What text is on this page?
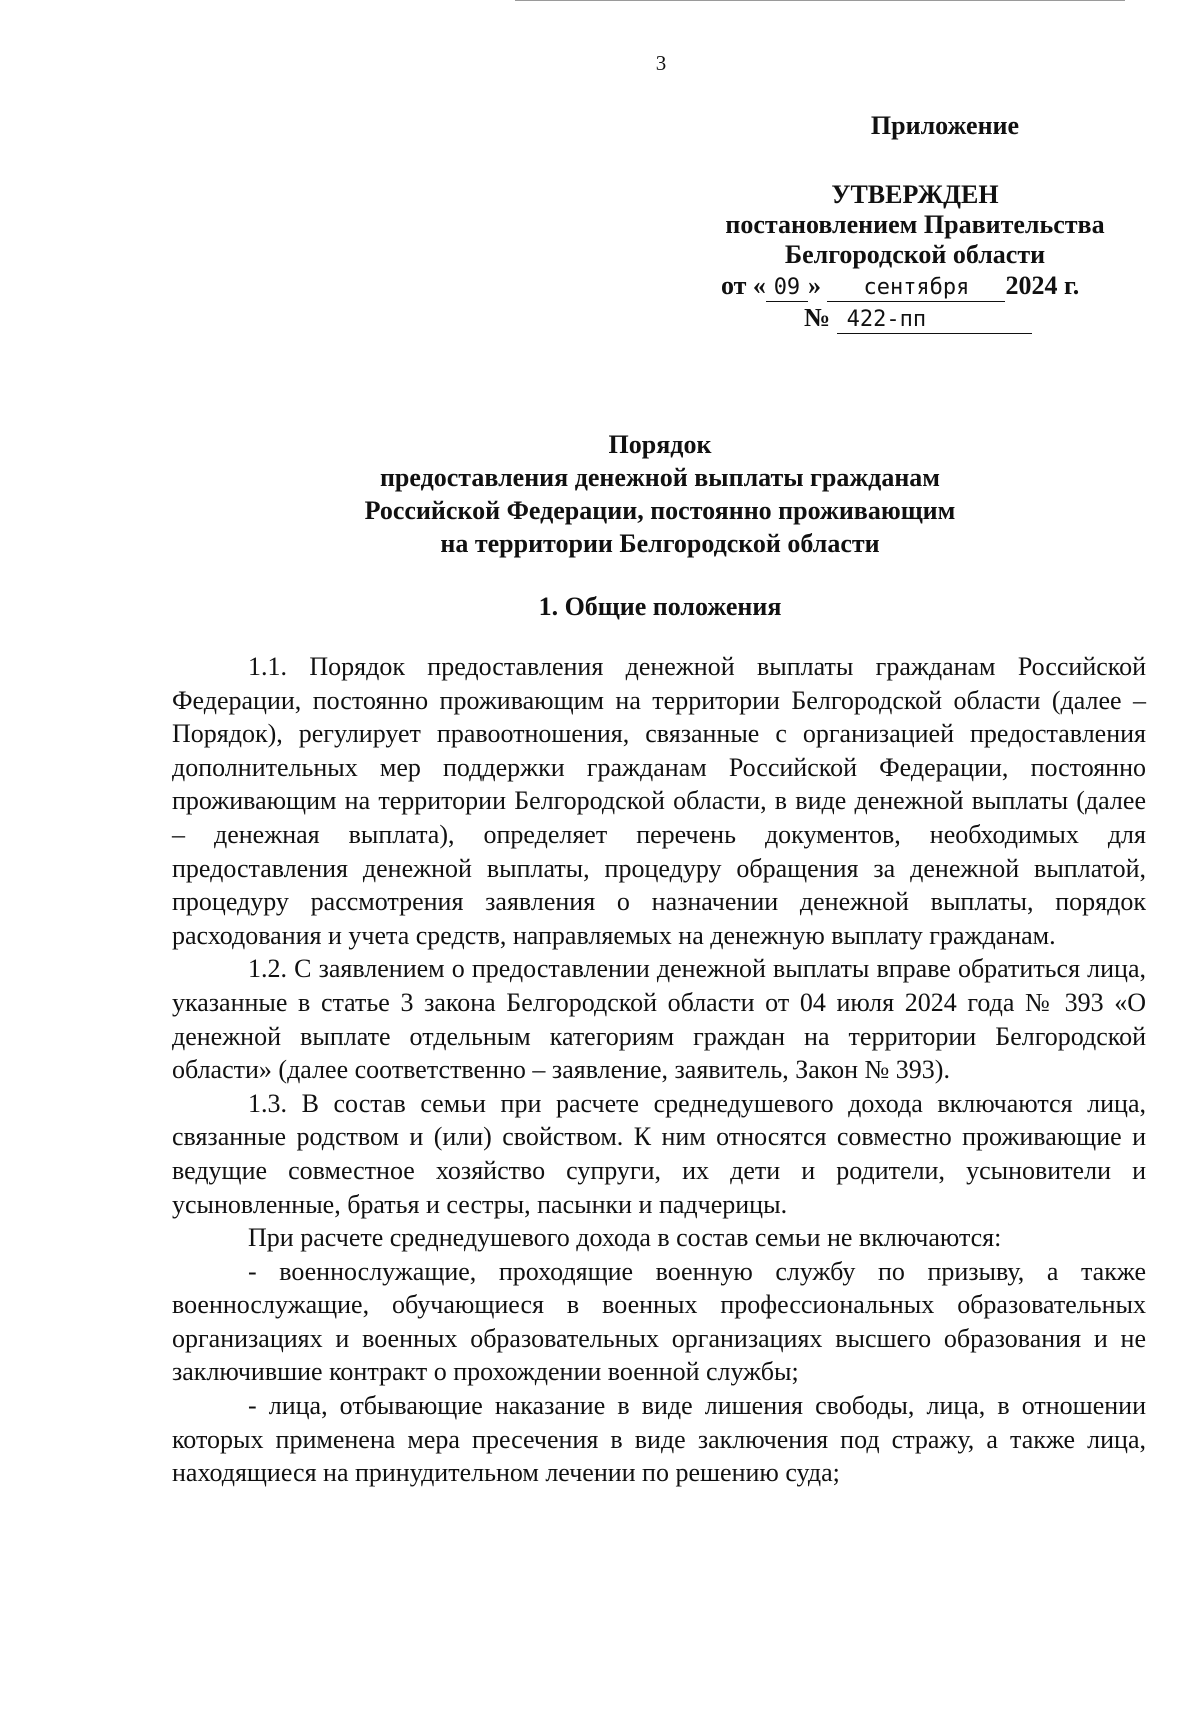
3
Приложение
УТВЕРЖДЕН
постановлением Правительства
Белгородской области
от « 09 » сентября 2024 г.
№ 422-пп
Порядок
предоставления денежной выплаты гражданам
Российской Федерации, постоянно проживающим
на территории Белгородской области
1. Общие положения

1.1. Порядок предоставления денежной выплаты гражданам Российской Федерации, постоянно проживающим на территории Белгородской области (далее – Порядок), регулирует правоотношения, связанные с организацией предоставления дополнительных мер поддержки гражданам Российской Федерации, постоянно проживающим на территории Белгородской области, в виде денежной выплаты (далее – денежная выплата), определяет перечень документов, необходимых для предоставления денежной выплаты, процедуру обращения за денежной выплатой, процедуру рассмотрения заявления о назначении денежной выплаты, порядок расходования и учета средств, направляемых на денежную выплату гражданам.

1.2. С заявлением о предоставлении денежной выплаты вправе обратиться лица, указанные в статье 3 закона Белгородской области от 04 июля 2024 года № 393 «О денежной выплате отдельным категориям граждан на территории Белгородской области» (далее соответственно – заявление, заявитель, Закон № 393).

1.3. В состав семьи при расчете среднедушевого дохода включаются лица, связанные родством и (или) свойством. К ним относятся совместно проживающие и ведущие совместное хозяйство супруги, их дети и родители, усыновители и усыновленные, братья и сестры, пасынки и падчерицы.

При расчете среднедушевого дохода в состав семьи не включаются:

- военнослужащие, проходящие военную службу по призыву, а также военнослужащие, обучающиеся в военных профессиональных образовательных организациях и военных образовательных организациях высшего образования и не заключившие контракт о прохождении военной службы;

- лица, отбывающие наказание в виде лишения свободы, лица, в отношении которых применена мера пресечения в виде заключения под стражу, а также лица, находящиеся на принудительном лечении по решению суда;
